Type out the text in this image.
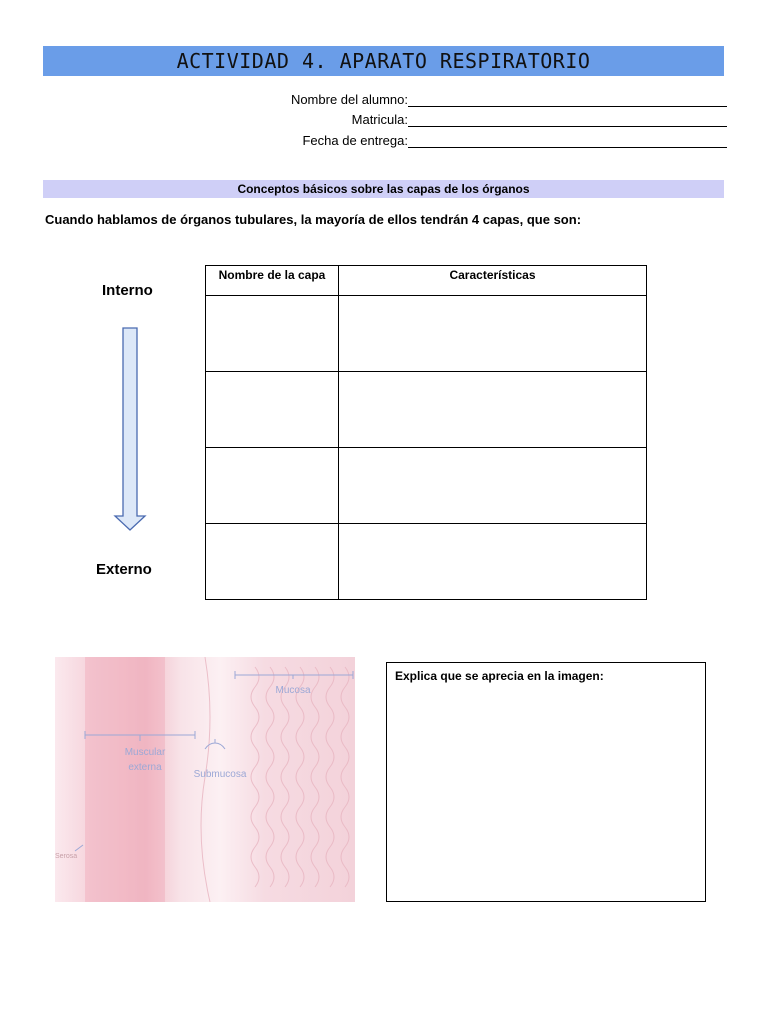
ACTIVIDAD 4. APARATO RESPIRATORIO
Nombre del alumno:
Matricula:
Fecha de entrega:
Conceptos básicos sobre las capas de los órganos
Cuando hablamos de órganos tubulares, la mayoría de ellos tendrán 4 capas, que son:
Interno
Externo
Nombre de la capa	Características

Mucosa
Muscular
externa
Submucosa
Serosa
Explica que se aprecia en la imagen:
